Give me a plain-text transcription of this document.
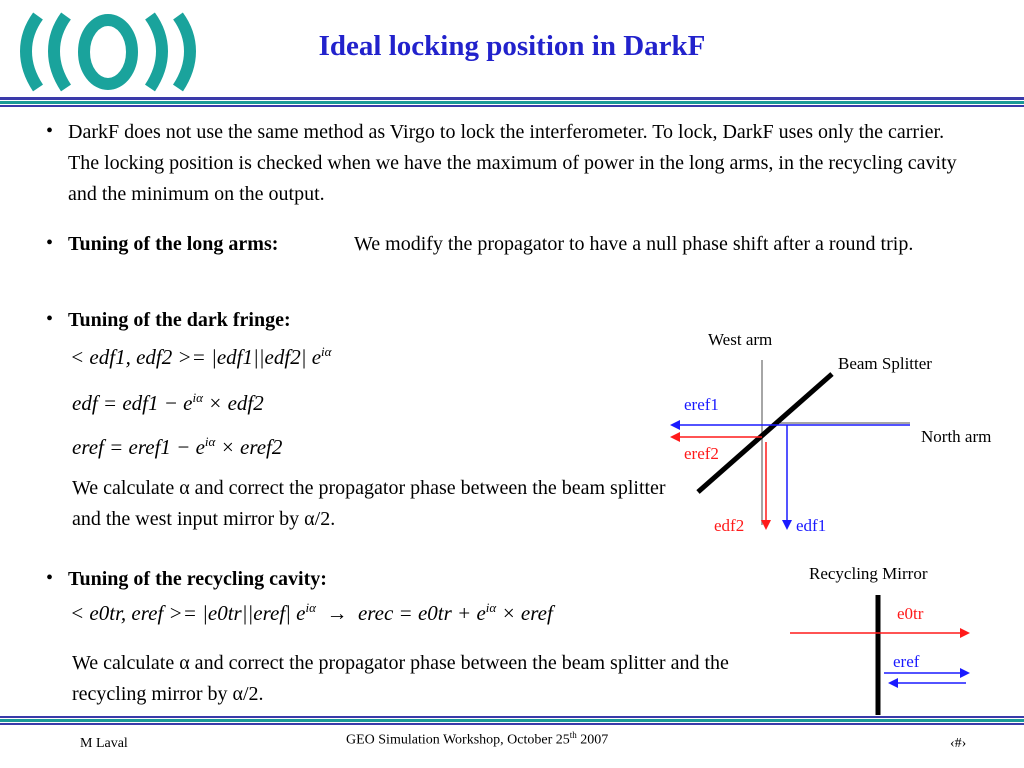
Ideal locking position in DarkF
• DarkF does not use the same method as Virgo to lock the interferometer. To lock, DarkF uses only the carrier. The locking position is checked when we have the maximum of power in the long arms, in the recycling cavity and the minimum on the output.
• Tuning of the long arms:	We modify the propagator to have a null phase shift after a round trip.
• Tuning of the dark fringe:
< edf1, edf2 >= |edf1||edf2| $e^{i\alpha}$
edf = $edf1 - e^{i\alpha} \times edf2$
eref = eref1 − $e^{i\alpha}$ × eref2
We calculate α and correct the propagator phase between the beam splitter and the west input mirror by α/2.
• Tuning of the recycling cavity:
< e0tr, eref >= |e0tr||eref| $e^{i\alpha}$  →  erec = $e0tr + e^{i\alpha}$ × eref
We calculate α and correct the propagator phase between the beam splitter and the recycling mirror by α/2.
West arm
Beam Splitter
North arm
eref1
eref2
edf2	edf1
Recycling Mirror
e0tr
eref
M Laval	GEO Simulation Workshop, October 25th 2007	‹#›
